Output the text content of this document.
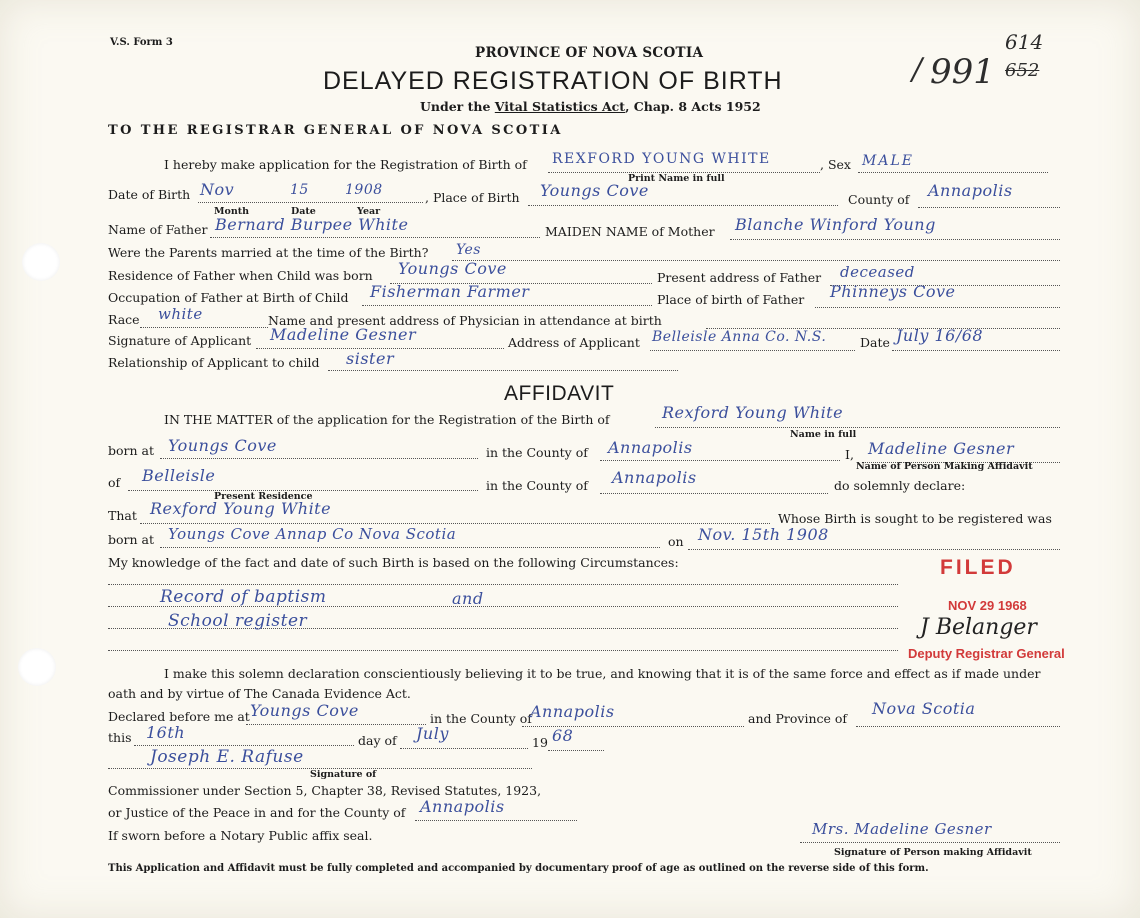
V.S. Form 3
PROVINCE OF NOVA SCOTIA
DELAYED REGISTRATION OF BIRTH
Under the Vital Statistics Act, Chap. 8 Acts 1952
TO THE REGISTRAR GENERAL OF NOVA SCOTIA
/ 991 652
614
I hereby make application for the Registration of Birth of REXFORD YOUNG WHITE
Print Name in full
, Sex MALE
Date of Birth Nov	15	1908
Month	Date	Year
, Place of Birth Youngs Cove	County of Annapolis
Name of Father Bernard Burpee White	MAIDEN NAME of Mother Blanche Winford Young
Were the Parents married at the time of the Birth? Yes
Residence of Father when Child was born Youngs Cove	Present address of Father deceased
Occupation of Father at Birth of Child Fisherman Farmer	Place of birth of Father Phinneys Cove
Race white	Name and present address of Physician in attendance at birth
Signature of Applicant Madeline Gesner	Address of Applicant Belleisle Anna Co. N.S.	Date July 16/68
Relationship of Applicant to child sister
AFFIDAVIT
IN THE MATTER of the application for the Registration of the Birth of	Rexford Young White
Name in full
born at Youngs Cove	in the County of Annapolis	I, Madeline Gesner
Name of Person Making Affidavit
of Belleisle
Present Residence
in the County of Annapolis	do solemnly declare:
That Rexford Young White
Whose Birth is sought to be registered was
born at Youngs Cove Annap Co Nova Scotia	on Nov. 15th 1908
My knowledge of the fact and date of such Birth is based on the following Circumstances:
Record of baptism	and
School register
FILED
NOV 29 1968
J Belanger
Deputy Registrar General
I make this solemn declaration conscientiously believing it to be true, and knowing that it is of the same force and effect as if made under
oath and by virtue of The Canada Evidence Act.
Declared before me at Youngs Cove	in the County of
Annapolis	and Province of
Nova Scotia
this 16th	day of July	19 68
Joseph E. Rafuse
Signature of
Commissioner under Section 5, Chapter 38, Revised Statutes, 1923,
or Justice of the Peace in and for the County of Annapolis
If sworn before a Notary Public affix seal.	Mrs. Madeline Gesner
Signature of Person making Affidavit
This Application and Affidavit must be fully completed and accompanied by documentary proof of age as outlined on the reverse side of this form.
